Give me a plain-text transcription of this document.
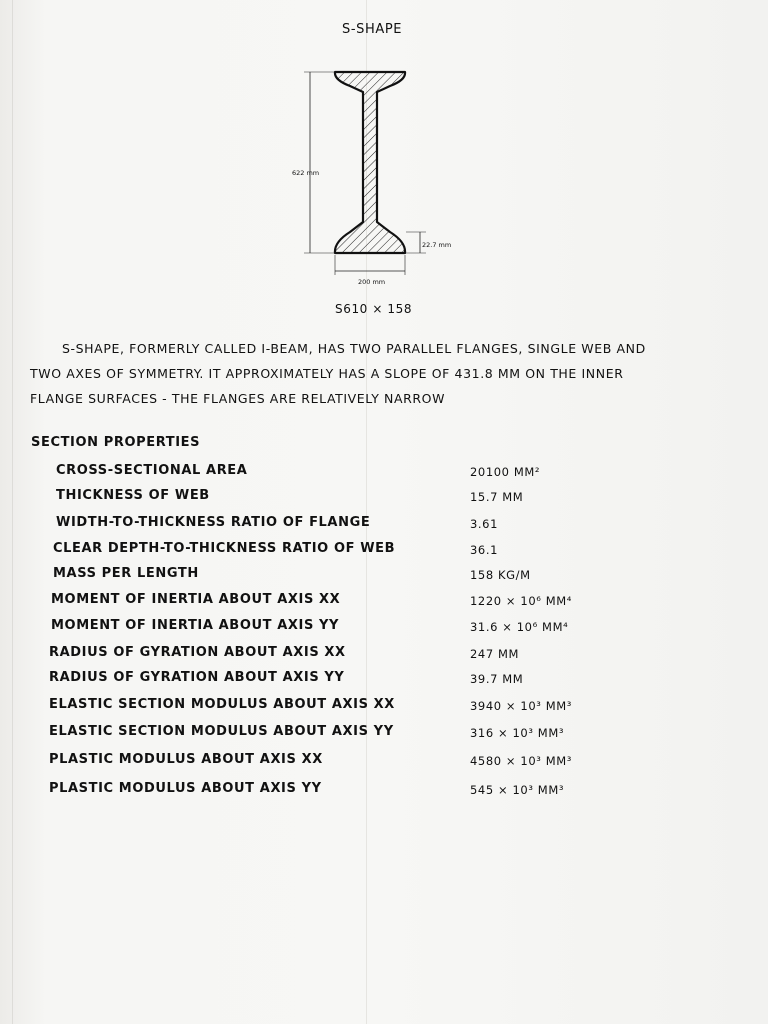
S-SHAPE
622 mm
22.7 mm
200 mm
S610 × 158
S-SHAPE, FORMERLY CALLED I-BEAM, HAS TWO PARALLEL FLANGES, SINGLE WEB AND
TWO AXES OF SYMMETRY. IT APPROXIMATELY HAS A SLOPE OF 431.8 MM ON THE INNER
FLANGE SURFACES - THE FLANGES ARE RELATIVELY NARROW
SECTION PROPERTIES
CROSS-SECTIONAL AREA	20100 MM²
THICKNESS OF WEB	15.7 MM
WIDTH-TO-THICKNESS RATIO OF FLANGE	3.61
CLEAR DEPTH-TO-THICKNESS RATIO OF WEB	36.1
MASS PER LENGTH	158 KG/M
MOMENT OF INERTIA ABOUT AXIS XX	1220 × 10⁶ MM⁴
MOMENT OF INERTIA ABOUT AXIS YY	31.6 × 10⁶ MM⁴
RADIUS OF GYRATION ABOUT AXIS XX	247 MM
RADIUS OF GYRATION ABOUT AXIS YY	39.7 MM
ELASTIC SECTION MODULUS ABOUT AXIS XX	3940 × 10³ MM³
ELASTIC SECTION MODULUS ABOUT AXIS YY	316 × 10³ MM³
PLASTIC MODULUS ABOUT AXIS XX	4580 × 10³ MM³
PLASTIC MODULUS ABOUT AXIS YY	545 × 10³ MM³
